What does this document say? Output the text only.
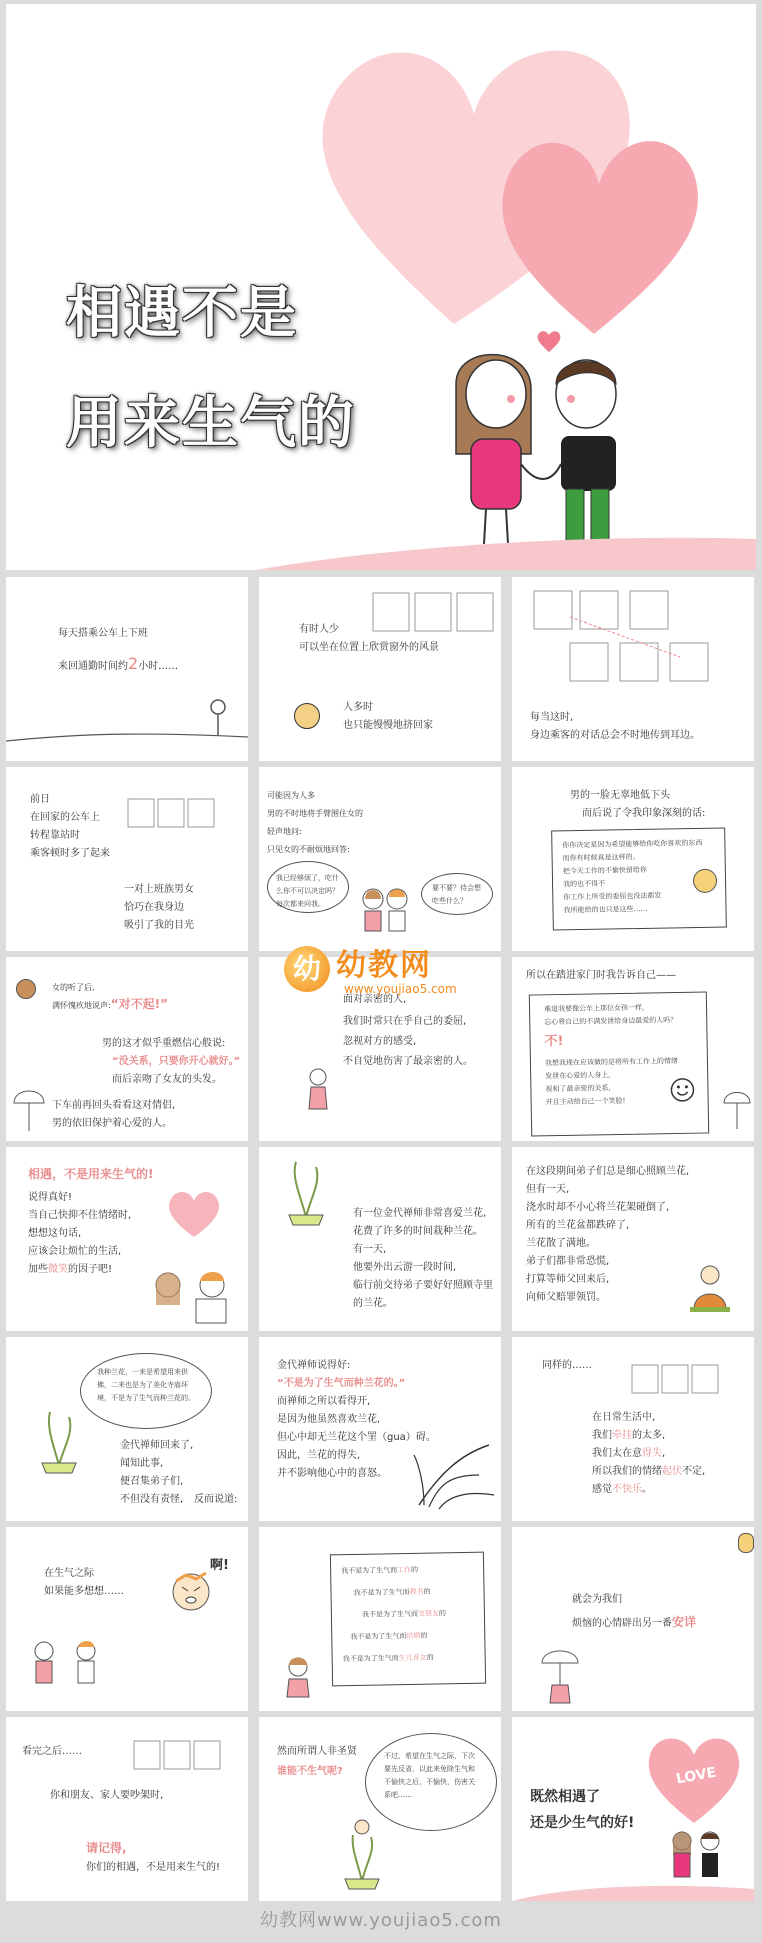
相遇不是
用来生气的
每天搭乘公车上下班
来回通勤时间约2小时……
有时人少
可以坐在位置上欣赏窗外的风景
人多时
也只能慢慢地挤回家
每当这时,
身边乘客的对话总会不时地传到耳边。
前日
在回家的公车上
转程靠站时
乘客顿时多了起来
一对上班族男女
恰巧在我身边
吸引了我的目光
可能因为人多
男的不时地将手臂围住女的
轻声地问:
只见女的不耐烦地回答:
我已经够烦了，吃什么你不可以决定吗？每次都来问我。
要不要？待会想吃些什么？
男的一脸无辜地低下头
而后说了令我印象深刻的话:
你你决定是因为希望能够给你吃你喜欢的东西
而你有时候真是这样的。
把今天工作的不愉快留给你
我的也不得不
你工作上所受的委屈也没法都发
我所能给的也只是这些……
女的听了后,
满怀愧疚地说声:“对不起!”
男的这才似乎重燃信心般说:
“没关系，只要你开心就好。”
而后亲吻了女友的头发。
下车前再回头看看这对情侣,
男的依旧保护着心爱的人。
面对亲密的人,
我们时常只在乎自己的委屈,
忽视对方的感受,
不自觉地伤害了最亲密的人。
所以在踏进家门时我告诉自己——
难道我要像公车上那位女孩一样,
忘心将自己的不满发泄给身边最爱的人吗？
不!
我想我现在应该做的是将所有工作上的情绪
发泄在心爱的人身上,
视相了最亲密的关系,
并且主动给自己一个笑脸!
相遇，不是用来生气的!
说得真好!
当自己快抑不住情绪时,
想想这句话,
应该会让烦忙的生活,
加些微笑的因子吧!
有一位金代禅师非常喜爱兰花,
花费了许多的时间栽种兰花。
有一天,
他要外出云游一段时间,
临行前交待弟子要好好照顾寺里
的兰花。
在这段期间弟子们总是细心照顾兰花,
但有一天,
浇水时却不小心将兰花架碰倒了,
所有的兰花盆都跌碎了,
兰花散了满地。
弟子们都非常恐慌,
打算等师父回来后,
向师父赔罪领罚。
我种兰花，一来是希望用来供佛，二来也是为了美化寺庙环境，不是为了生气而种兰花的。
金代禅师回来了,
闻知此事,
便召集弟子们,
不但没有责怪, 反而说道:
金代禅师说得好:
“不是为了生气而种兰花的。”
而禅师之所以看得开,
是因为他虽然喜欢兰花,
但心中却无兰花这个罣（gua）碍。
因此，兰花的得失,
并不影响他心中的喜怒。
同样的……
在日常生活中,
我们牵挂的太多,
我们太在意得失,
所以我们的情绪起伏不定,
感觉不快乐。
在生气之际
如果能多想想……
啊!	我不是为了生气而工作的
我不是为了生气而教书的
我不是为了生气而交朋友的
我不是为了生气而结婚的
我不是为了生气而生儿育女的
就会为我们
烦恼的心情辟出另一番安详
看完之后……
你和朋友、家人要吵架时,
请记得,
你们的相遇，不是用来生气的!
然而所谓人非圣贤
谁能不生气呢?
不过，希望在生气之际，下次要先反省，以此来免除生气和不愉快之后，不愉快，伤害关系吧……	既然相遇了
还是少生气的好!
LOVE
幼 幼教网
www.youjiao5.com
幼教网www.youjiao5.com
